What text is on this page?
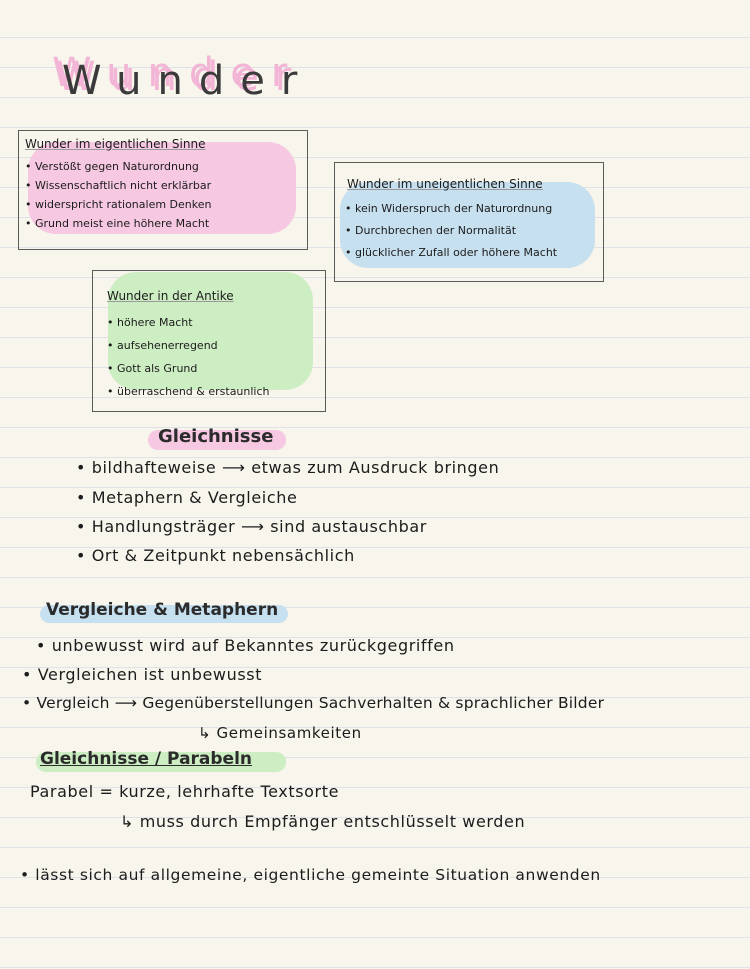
Wunder
Wunder im eigentlichen Sinne
• Verstößt gegen Naturordnung
• Wissenschaftlich nicht erklärbar
• widerspricht rationalem Denken
• Grund meist eine höhere Macht
Wunder im uneigentlichen Sinne
• kein Widerspruch der Naturordnung
• Durchbrechen der Normalität
• glücklicher Zufall oder höhere Macht
Wunder in der Antike
• höhere Macht
• aufsehenerregend
• Gott als Grund
• überraschend & erstaunlich
Gleichnisse
• bildhafteweise ⟶ etwas zum Ausdruck bringen
• Metaphern & Vergleiche
• Handlungsträger ⟶ sind austauschbar
• Ort & Zeitpunkt nebensächlich
Vergleiche & Metaphern
• unbewusst wird auf Bekanntes zurückgegriffen
• Vergleichen ist unbewusst
• Vergleich ⟶ Gegenüberstellungen Sachverhalten & sprachlicher Bilder
↳ Gemeinsamkeiten
Gleichnisse / Parabeln
Parabel = kurze, lehrhafte Textsorte
↳ muss durch Empfänger entschlüsselt werden
• lässt sich auf allgemeine, eigentliche gemeinte Situation anwenden
